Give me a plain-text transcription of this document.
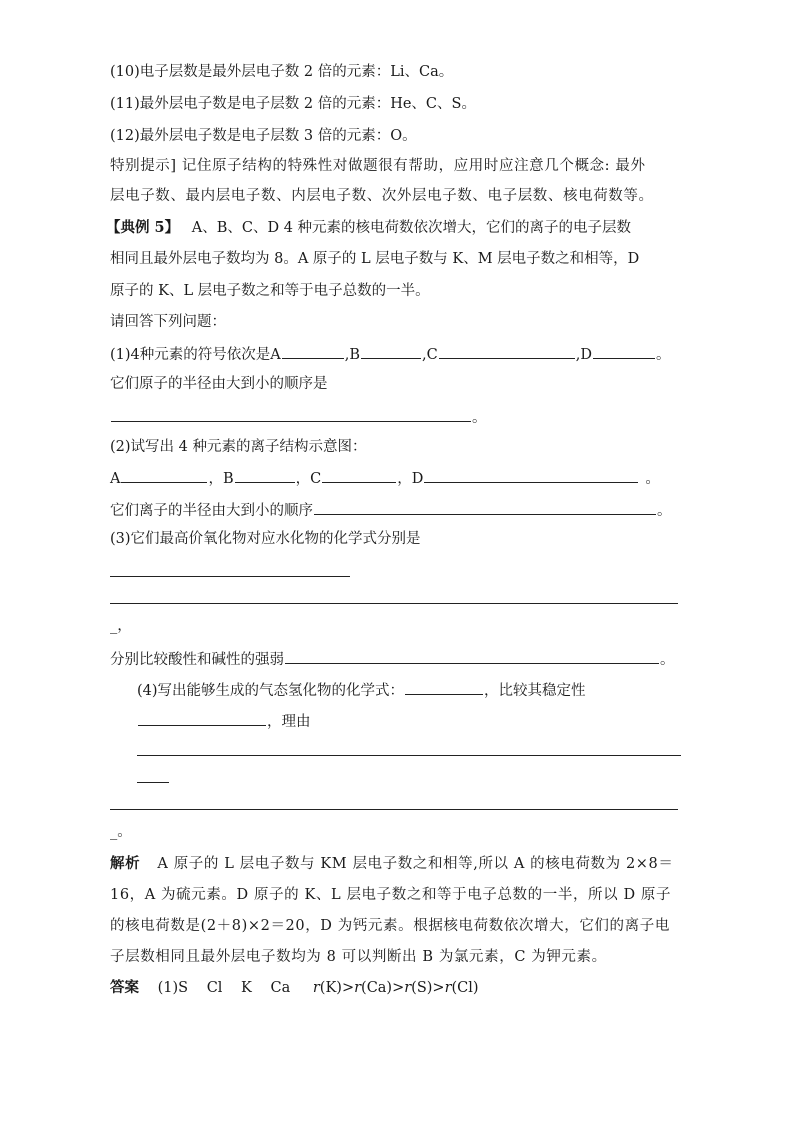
(10)电子层数是最外层电子数 2 倍的元素：Li、Ca。
(11)最外层电子数是电子层数 2 倍的元素：He、C、S。
(12)最外层电子数是电子层数 3 倍的元素：O。
特别提示] 记住原子结构的特殊性对做题很有帮助，应用时应注意几个概念: 最外
层电子数、最内层电子数、内层电子数、次外层电子数、电子层数、核电荷数等。
【典例 5】 A、B、C、D 4 种元素的核电荷数依次增大，它们的离子的电子层数
相同且最外层电子数均为 8。A 原子的 L 层电子数与 K、M 层电子数之和相等，D
原子的 K、L 层电子数之和等于电子总数的一半。
请回答下列问题：
(1)4种元素的符号依次是A	,B	,C	,D	。
它们原子的半径由大到小的顺序是
。
(2)试写出 4 种元素的离子结构示意图：
A	，B	，C	，D	。
它们离子的半径由大到小的顺序	。
(3)它们最高价氧化物对应水化物的化学式分别是
_，
分别比较酸性和碱性的强弱	。
(4)写出能够生成的气态氢化物的化学式：	，比较其稳定性
，理由
_。
解析 A 原子的 L 层电子数与 KM 层电子数之和相等,所以 A 的核电荷数为 2×8＝
16，A 为硫元素。D 原子的 K、L 层电子数之和等于电子总数的一半，所以 D 原子
的核电荷数是(2＋8)×2＝20，D 为钙元素。根据核电荷数依次增大，它们的离子电
子层数相同且最外层电子数均为 8 可以判断出 B 为氯元素，C 为钾元素。
答案 (1)S Cl K Ca r(K)>r(Ca)>r(S)>r(Cl)
